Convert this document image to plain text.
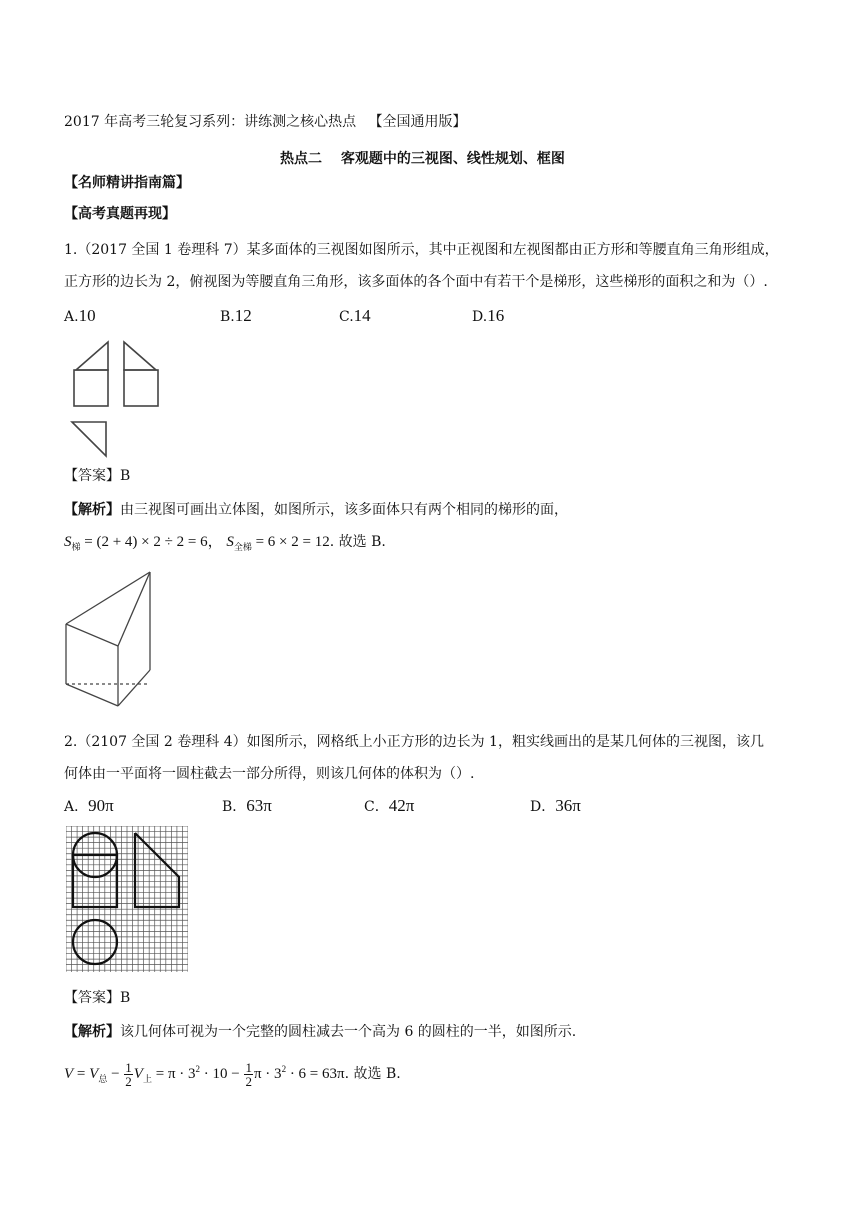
2017 年高考三轮复习系列：讲练测之核心热点 【全国通用版】
热点二　 客观题中的三视图、线性规划、框图
【名师精讲指南篇】
【高考真题再现】
1.（2017 全国 1 卷理科 7）某多面体的三视图如图所示，其中正视图和左视图都由正方形和等腰直角三角形组成，
正方形的边长为 2，俯视图为等腰直角三角形，该多面体的各个面中有若干个是梯形，这些梯形的面积之和为（）.
A.10	B.12	C.14	D.16
【答案】B
【解析】由三视图可画出立体图，如图所示，该多面体只有两个相同的梯形的面，
$S_梯 = (2 + 4) \times 2 \div 2 = 6$， $S_{全梯} = 6 \times 2 = 12$. 故选 B.
2.（2107 全国 2 卷理科 4）如图所示，网格纸上小正方形的边长为 1，粗实线画出的是某几何体的三视图，该几
何体由一平面将一圆柱截去一部分所得，则该几何体的体积为（）.
A．90π	B．63π	C．42π	D．36π
【答案】B
【解析】该几何体可视为一个完整的圆柱减去一个高为 6 的圆柱的一半，如图所示.
$V = V_总 - \frac{1}{2} V_上 = \pi \cdot 3^2 \cdot 10 - \frac{1}{2}$ $\pi \cdot 3^2 \cdot 6 = 63\pi$. 故选 B.
